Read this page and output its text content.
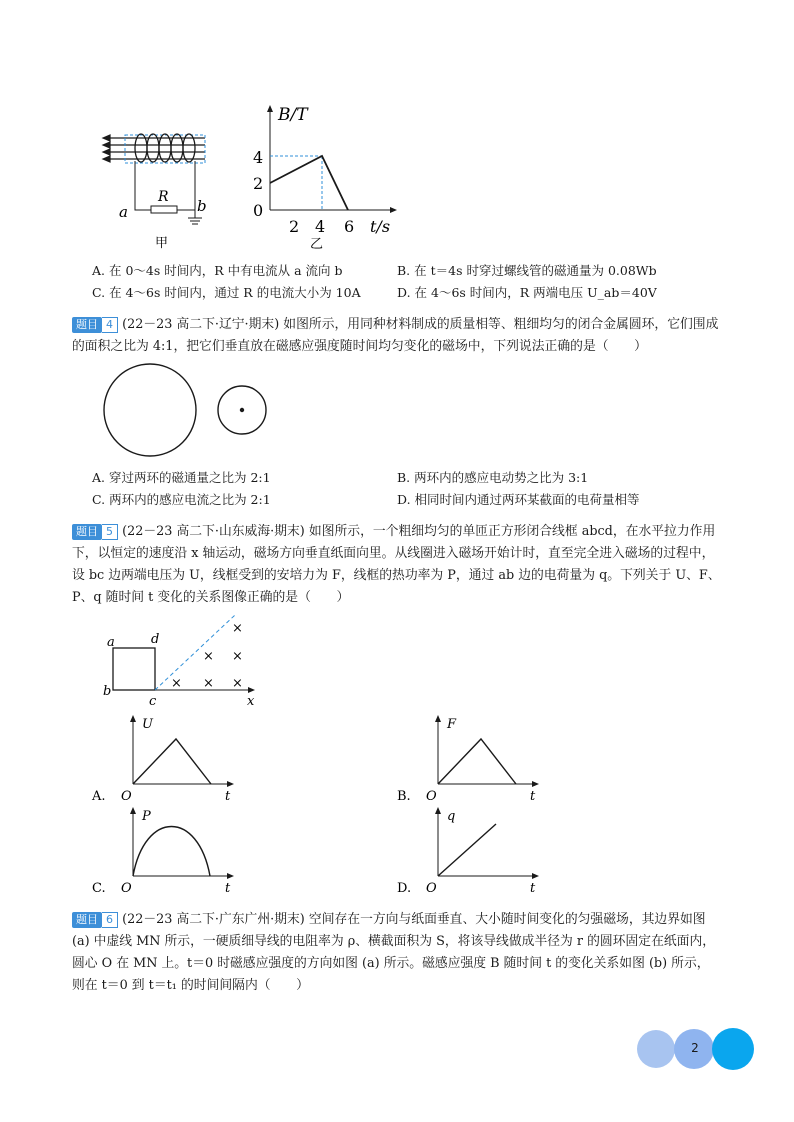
R
a	b
甲
B/T
t/s
4
2
0
2 4 6
乙
A. 在 0～4s 时间内，R 中有电流从 a 流向 b	B. 在 t＝4s 时穿过螺线管的磁通量为 0.08Wb
C. 在 4～6s 时间内，通过 R 的电流大小为 10A	D. 在 4～6s 时间内，R 两端电压 U_ab＝40V
题目 4 (22－23 高二下·辽宁·期末) 如图所示，用同种材料制成的质量相等、粗细均匀的闭合金属圆环，它们围成的面积之比为 4:1，把它们垂直放在磁感应强度随时间均匀变化的磁场中，下列说法正确的是（　　）
A. 穿过两环的磁通量之比为 2:1	B. 两环内的感应电动势之比为 3:1
C. 两环内的感应电流之比为 2:1	D. 相同时间内通过两环某截面的电荷量相等
题目 5 (22－23 高二下·山东威海·期末) 如图所示，一个粗细均匀的单匝正方形闭合线框 abcd，在水平拉力作用下，以恒定的速度沿 x 轴运动，磁场方向垂直纸面向里。从线圈进入磁场开始计时，直至完全进入磁场的过程中，设 bc 边两端电压为 U，线框受到的安培力为 F，线框的热功率为 P，通过 ab 边的电荷量为 q。下列关于 U、F、P、q 随时间 t 变化的关系图像正确的是（　　）
a	d
b
c	x
×
× ×
× × ×
A.
U
O	t	B.
F
O	t
C.
P
O	t	D.
q
O	t
题目 6 (22－23 高二下·广东广州·期末) 空间存在一方向与纸面垂直、大小随时间变化的匀强磁场，其边界如图 (a) 中虚线 MN 所示，一硬质细导线的电阻率为 ρ、横截面积为 S，将该导线做成半径为 r 的圆环固定在纸面内，圆心 O 在 MN 上。t＝0 时磁感应强度的方向如图 (a) 所示。磁感应强度 B 随时间 t 的变化关系如图 (b) 所示，则在 t＝0 到 t＝t₁ 的时间间隔内（　　）
2
